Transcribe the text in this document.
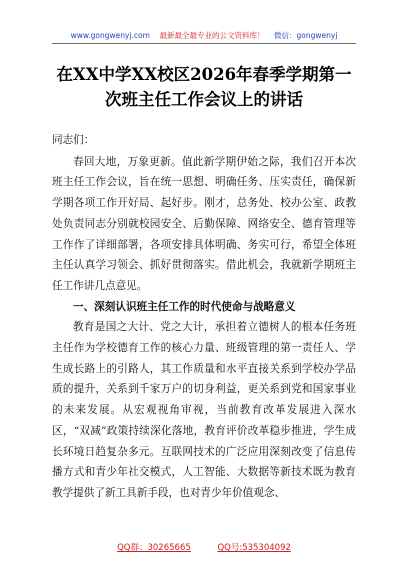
www.gongwenyj.com 最新最全最专业的公文资料库！ 微信：gongwenyj
在XX中学XX校区2026年春季学期第一次班主任工作会议上的讲话

同志们：

春回大地，万象更新。值此新学期伊始之际，我们召开本次班主任工作会议，旨在统一思想、明确任务、压实责任，确保新学期各项工作开好局、起好步。刚才，总务处、校办公室、政教处负责同志分别就校园安全、后勤保障、网络安全、德育管理等工作作了详细部署，各项安排具体明确、务实可行，希望全体班主任认真学习领会、抓好贯彻落实。借此机会，我就新学期班主任工作讲几点意见。

一、深刻认识班主任工作的时代使命与战略意义

教育是国之大计、党之大计，承担着立德树人的根本任务班主任作为学校德育工作的核心力量、班级管理的第一责任人、学生成长路上的引路人，其工作质量和水平直接关系到学校办学品质的提升，关系到千家万户的切身利益，更关系到党和国家事业的未来发展。从宏观视角审视，当前教育改革发展进入深水区，“双减”政策持续深化落地，教育评价改革稳步推进，学生成长环境日趋复杂多元。互联网技术的广泛应用深刻改变了信息传播方式和青少年社交模式，人工智能、大数据等新技术既为教育教学提供了新工具新手段，也对青少年价值观念、

QQ群：30265665	QQ号:535304092
